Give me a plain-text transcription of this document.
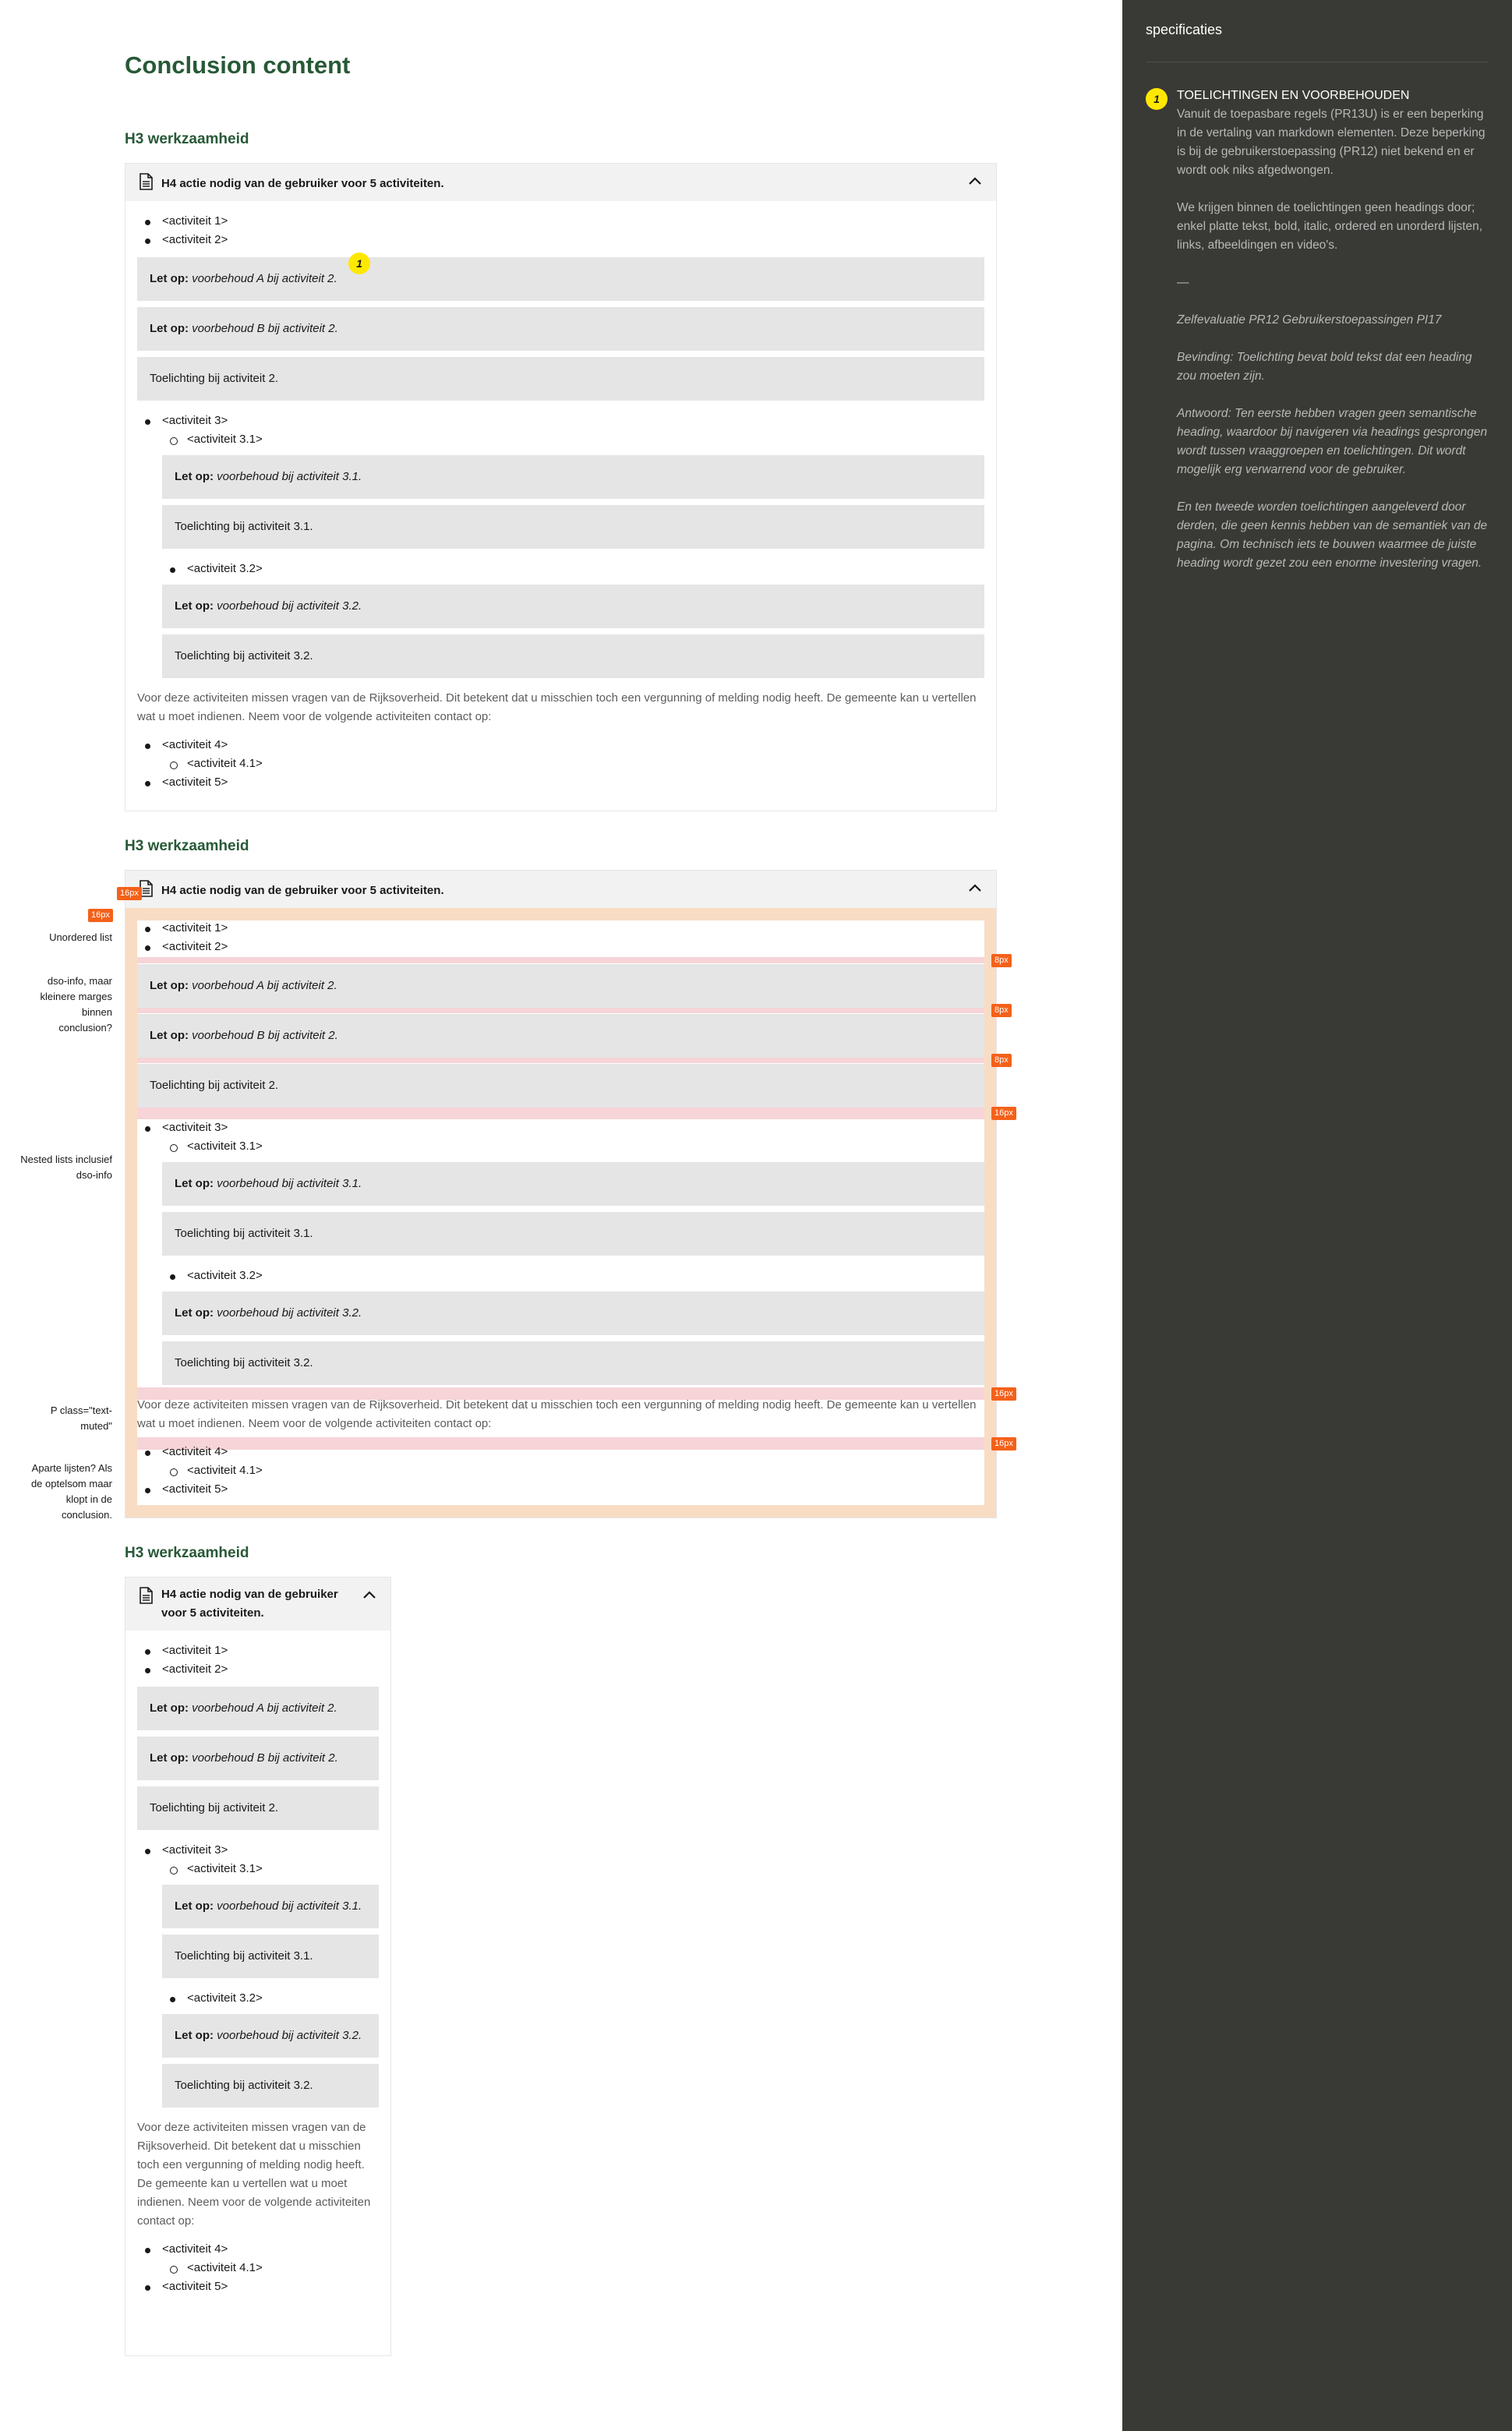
Conclusion content
H3 werkzaamheid
H4 actie nodig van de gebruiker voor 5 activiteiten.
<activiteit 1>
<activiteit 2>
Let op: voorbehoud A bij activiteit 2.
Let op: voorbehoud B bij activiteit 2.
Toelichting bij activiteit 2.
<activiteit 3>
<activiteit 3.1>
Let op: voorbehoud bij activiteit 3.1.
Toelichting bij activiteit 3.1.
<activiteit 3.2>
Let op: voorbehoud bij activiteit 3.2.
Toelichting bij activiteit 3.2.

Voor deze activiteiten missen vragen van de Rijksoverheid. Dit betekent dat u misschien toch een vergunning of melding nodig heeft. De gemeente kan u vertellen wat u moet indienen. Neem voor de volgende activiteiten contact op:

<activiteit 4>
<activiteit 4.1>
<activiteit 5>
1
H3 werkzaamheid
H4 actie nodig van de gebruiker voor 5 activiteiten.
<activiteit 1>
<activiteit 2>
Let op: voorbehoud A bij activiteit 2.
Let op: voorbehoud B bij activiteit 2.
Toelichting bij activiteit 2.
<activiteit 3>
<activiteit 3.1>
Let op: voorbehoud bij activiteit 3.1.
Toelichting bij activiteit 3.1.
<activiteit 3.2>
Let op: voorbehoud bij activiteit 3.2.
Toelichting bij activiteit 3.2.

Voor deze activiteiten missen vragen van de Rijksoverheid. Dit betekent dat u misschien toch een vergunning of melding nodig heeft. De gemeente kan u vertellen wat u moet indienen. Neem voor de volgende activiteiten contact op:

<activiteit 4>
<activiteit 4.1>
<activiteit 5>
16px
16px
8px
8px
8px
16px
16px
16px
Unordered list
dso-info, maar kleinere marges binnen conclusion?
Nested lists inclusief dso-info
P class="text-muted"
Aparte lijsten? Als de optelsom maar klopt in de conclusion.
H3 werkzaamheid
H4 actie nodig van de gebruiker
voor 5 activiteiten.
<activiteit 1>
<activiteit 2>
Let op: voorbehoud A bij activiteit 2.
Let op: voorbehoud B bij activiteit 2.
Toelichting bij activiteit 2.
<activiteit 3>
<activiteit 3.1>
Let op: voorbehoud bij activiteit 3.1.
Toelichting bij activiteit 3.1.
<activiteit 3.2>
Let op: voorbehoud bij activiteit 3.2.
Toelichting bij activiteit 3.2.

Voor deze activiteiten missen vragen van de Rijksoverheid. Dit betekent dat u misschien toch een vergunning of melding nodig heeft. De gemeente kan u vertellen wat u moet indienen. Neem voor de volgende activiteiten contact op:

<activiteit 4>
<activiteit 4.1>
<activiteit 5>
specificaties
1	TOELICHTINGEN EN VOORBEHOUDEN

Vanuit de toepasbare regels (PR13U) is er een beperking in de vertaling van markdown elementen. Deze beperking is bij de gebruikerstoepassing (PR12) niet bekend en er wordt ook niks afgedwongen.

We krijgen binnen de toelichtingen geen headings door; enkel platte tekst, bold, italic, ordered en unorderd lijsten, links, afbeeldingen en video's.

—

Zelfevaluatie PR12 Gebruikerstoepassingen PI17

Bevinding: Toelichting bevat bold tekst dat een heading zou moeten zijn.

Antwoord: Ten eerste hebben vragen geen semantische heading, waardoor bij navigeren via headings gesprongen wordt tussen vraaggroepen en toelichtingen. Dit wordt mogelijk erg verwarrend voor de gebruiker.

En ten tweede worden toelichtingen aangeleverd door derden, die geen kennis hebben van de semantiek van de pagina. Om technisch iets te bouwen waarmee de juiste heading wordt gezet zou een enorme investering vragen.
